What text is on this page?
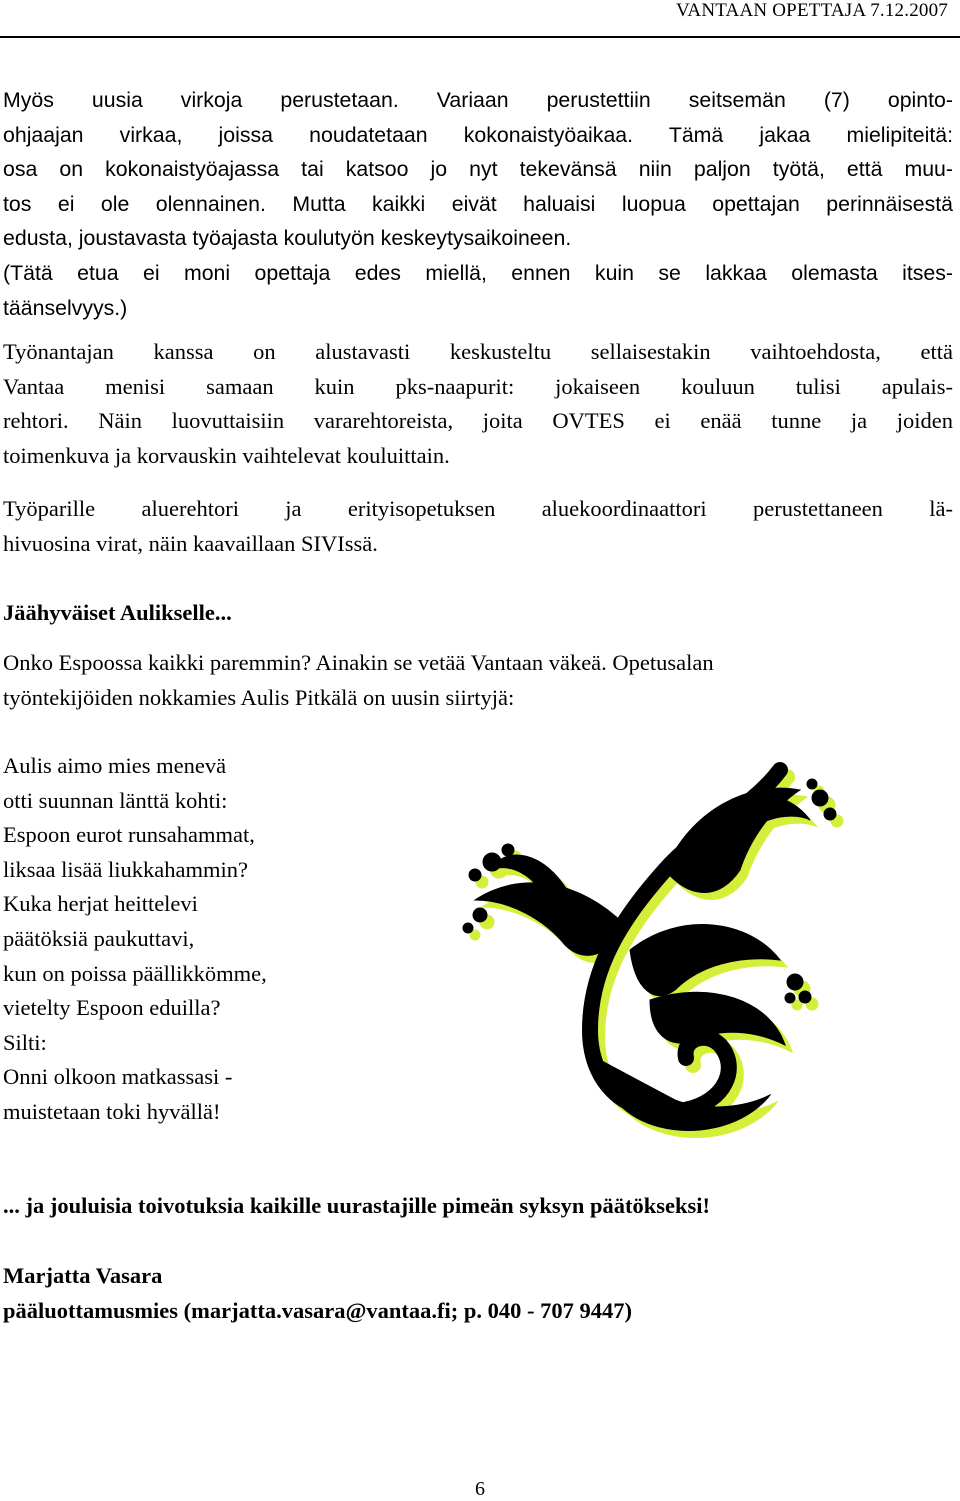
VANTAAN OPETTAJA 7.12.2007
Myös uusia virkoja perustetaan. Variaan perustettiin seitsemän (7) opinto-
ohjaajan virkaa, joissa noudatetaan kokonaistyöaikaa. Tämä jakaa mielipiteitä:
osa on kokonaistyöajassa tai katsoo jo nyt tekevänsä niin paljon työtä, että muu-
tos ei ole olennainen. Mutta kaikki eivät haluaisi luopua opettajan perinnäisestä
edusta, joustavasta työajasta koulutyön keskeytysaikoineen.
(Tätä etua ei moni opettaja edes miellä, ennen kuin se lakkaa olemasta itses-
täänselvyys.)
Työnantajan kanssa on alustavasti keskusteltu sellaisestakin vaihtoehdosta, että
Vantaa menisi samaan kuin pks-naapurit: jokaiseen kouluun tulisi apulais-
rehtori. Näin luovuttaisiin vararehtoreista, joita OVTES ei enää tunne ja joiden
toimenkuva ja korvauskin vaihtelevat kouluittain.
Työparille aluerehtori ja erityisopetuksen aluekoordinaattori perustettaneen lä-
hivuosina virat, näin kaavaillaan SIVIssä.
Jäähyväiset Aulikselle...
Onko Espoossa kaikki paremmin? Ainakin se vetää Vantaan väkeä. Opetusalan
työntekijöiden nokkamies Aulis Pitkälä on uusin siirtyjä:
Aulis aimo mies menevä
otti suunnan länttä kohti:
Espoon eurot runsahammat,
liksaa lisää liukkahammin?
Kuka herjat heittelevi
päätöksiä paukuttavi,
kun on poissa päällikkömme,
vietelty Espoon eduilla?
Silti:
Onni olkoon matkassasi -
muistetaan toki hyvällä!
... ja jouluisia toivotuksia kaikille uurastajille pimeän syksyn päätökseksi!
Marjatta Vasara
pääluottamusmies (marjatta.vasara@vantaa.fi; p. 040 - 707 9447)
6
